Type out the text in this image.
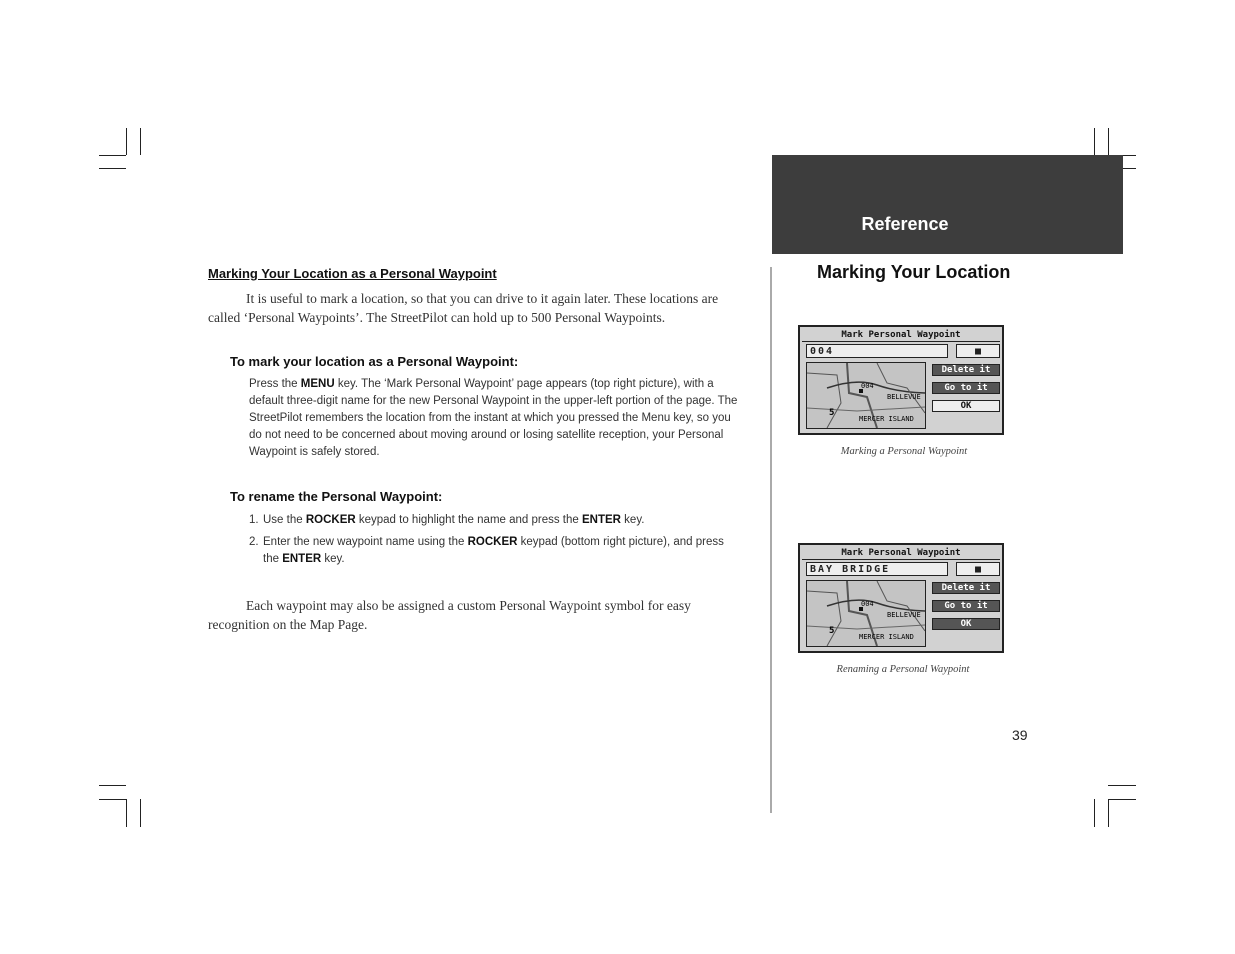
Reference
Marking Your Location
Marking Your Location as a Personal Waypoint
It is useful to mark a location, so that you can drive to it again later. These locations are called ‘Personal Waypoints’. The StreetPilot can hold up to 500 Personal Waypoints.
To mark your location as a Personal Waypoint:
Press the MENU key. The ‘Mark Personal Waypoint’ page appears (top right picture), with a default three-digit name for the new Personal Waypoint in the upper-left portion of the page. The StreetPilot remembers the location from the instant at which you pressed the Menu key, so you do not need to be concerned about moving around or losing satellite reception, your Personal Waypoint is safely stored.
To rename the Personal Waypoint:
1. Use the ROCKER keypad to highlight the name and press the ENTER key.
2. Enter the new waypoint name using the ROCKER keypad (bottom right picture), and press the ENTER key.
Each waypoint may also be assigned a custom Personal Waypoint symbol for easy recognition on the Map Page.
Mark Personal Waypoint
004	■
004
BELLEVUE
5
MERCER ISLAND
Delete it
Go to it
OK
Marking a Personal Waypoint
Mark Personal Waypoint
BAY BRIDGE	■
004
BELLEVUE
5
MERCER ISLAND
Delete it
Go to it
OK
Renaming a Personal Waypoint
39
